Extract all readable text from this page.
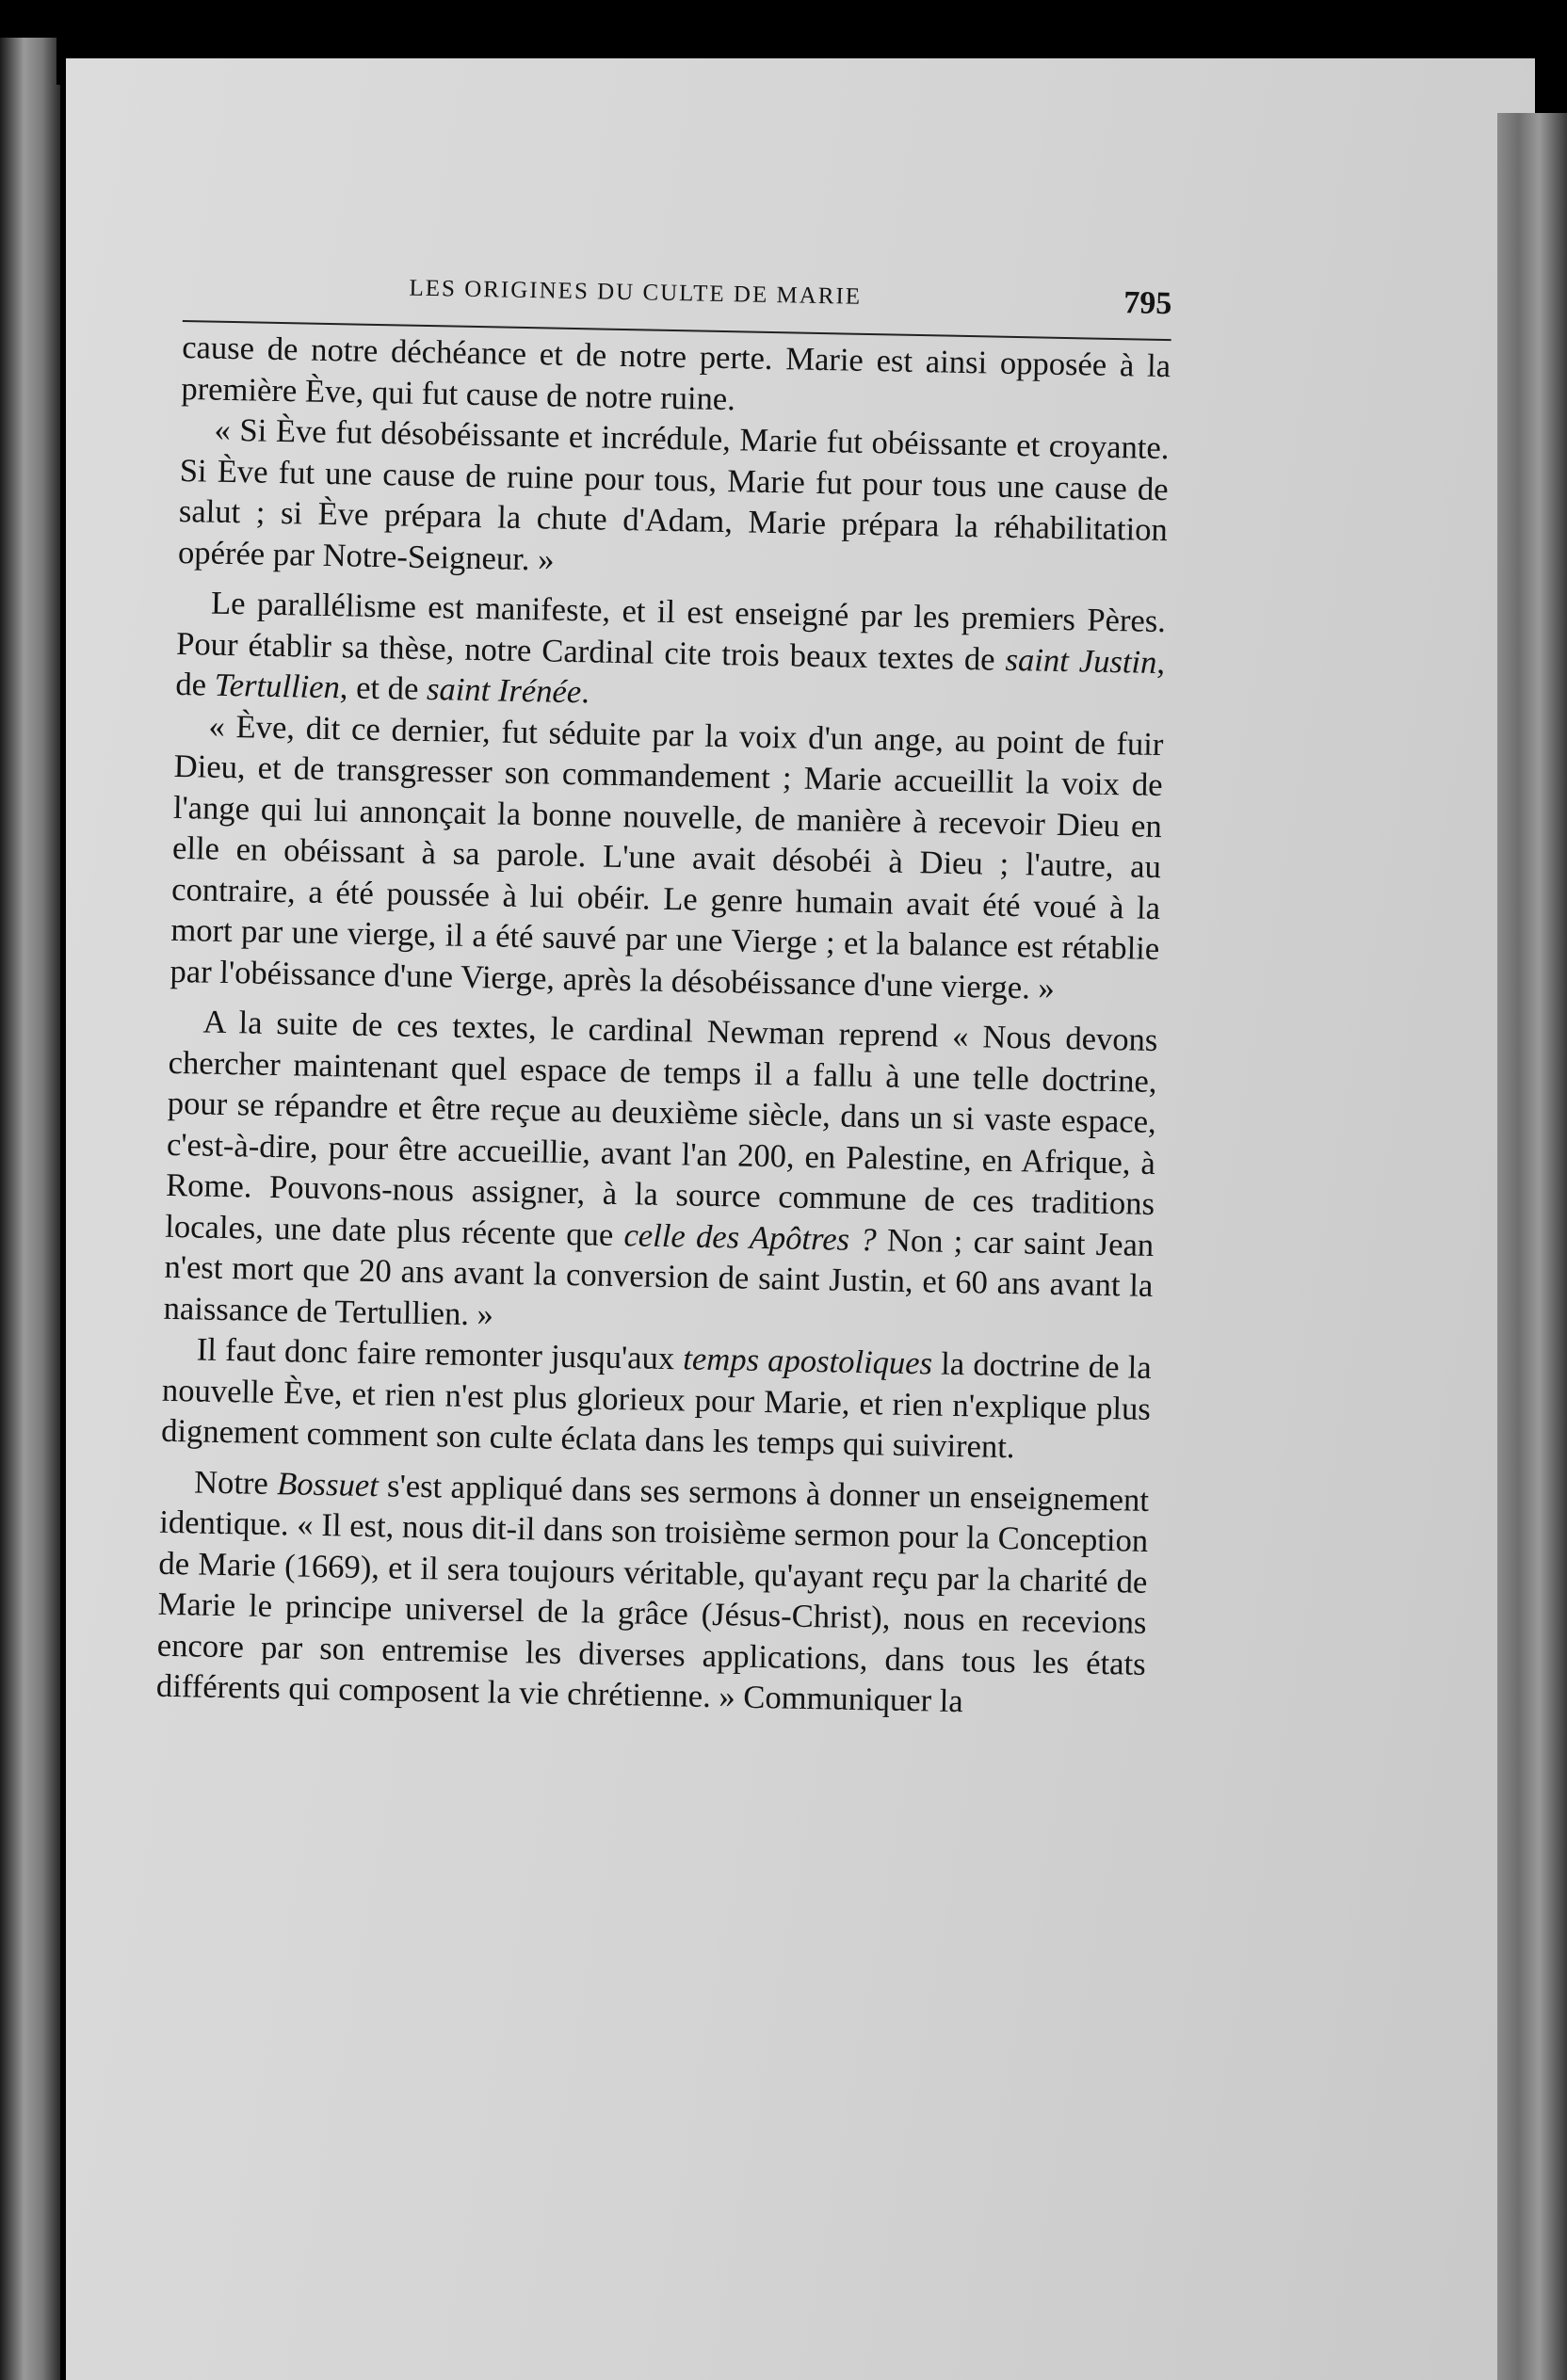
LES ORIGINES DU CULTE DE MARIE	795

cause de notre déchéance et de notre perte. Marie est ainsi opposée à la première Ève, qui fut cause de notre ruine.

« Si Ève fut désobéissante et incrédule, Marie fut obéissante et croyante. Si Ève fut une cause de ruine pour tous, Marie fut pour tous une cause de salut ; si Ève prépara la chute d'Adam, Marie prépara la réhabilitation opérée par Notre-Seigneur. »

Le parallélisme est manifeste, et il est enseigné par les premiers Pères. Pour établir sa thèse, notre Cardinal cite trois beaux textes de saint Justin, de Tertullien, et de saint Irénée.

« Ève, dit ce dernier, fut séduite par la voix d'un ange, au point de fuir Dieu, et de transgresser son commandement ; Marie accueillit la voix de l'ange qui lui annonçait la bonne nouvelle, de manière à recevoir Dieu en elle en obéissant à sa parole. L'une avait désobéi à Dieu ; l'autre, au contraire, a été poussée à lui obéir. Le genre humain avait été voué à la mort par une vierge, il a été sauvé par une Vierge ; et la balance est rétablie par l'obéissance d'une Vierge, après la désobéissance d'une vierge. »

A la suite de ces textes, le cardinal Newman reprend « Nous devons chercher maintenant quel espace de temps il a fallu à une telle doctrine, pour se répandre et être reçue au deuxième siècle, dans un si vaste espace, c'est-à-dire, pour être accueillie, avant l'an 200, en Palestine, en Afrique, à Rome. Pouvons-nous assigner, à la source commune de ces traditions locales, une date plus récente que celle des Apôtres ? Non ; car saint Jean n'est mort que 20 ans avant la conversion de saint Justin, et 60 ans avant la naissance de Tertullien. »

Il faut donc faire remonter jusqu'aux temps apostoliques la doctrine de la nouvelle Ève, et rien n'est plus glorieux pour Marie, et rien n'explique plus dignement comment son culte éclata dans les temps qui suivirent.

Notre Bossuet s'est appliqué dans ses sermons à donner un enseignement identique. « Il est, nous dit-il dans son troisième sermon pour la Conception de Marie (1669), et il sera toujours véritable, qu'ayant reçu par la charité de Marie le principe universel de la grâce (Jésus-Christ), nous en recevions encore par son entremise les diverses applications, dans tous les états différents qui composent la vie chrétienne. » Communiquer la
